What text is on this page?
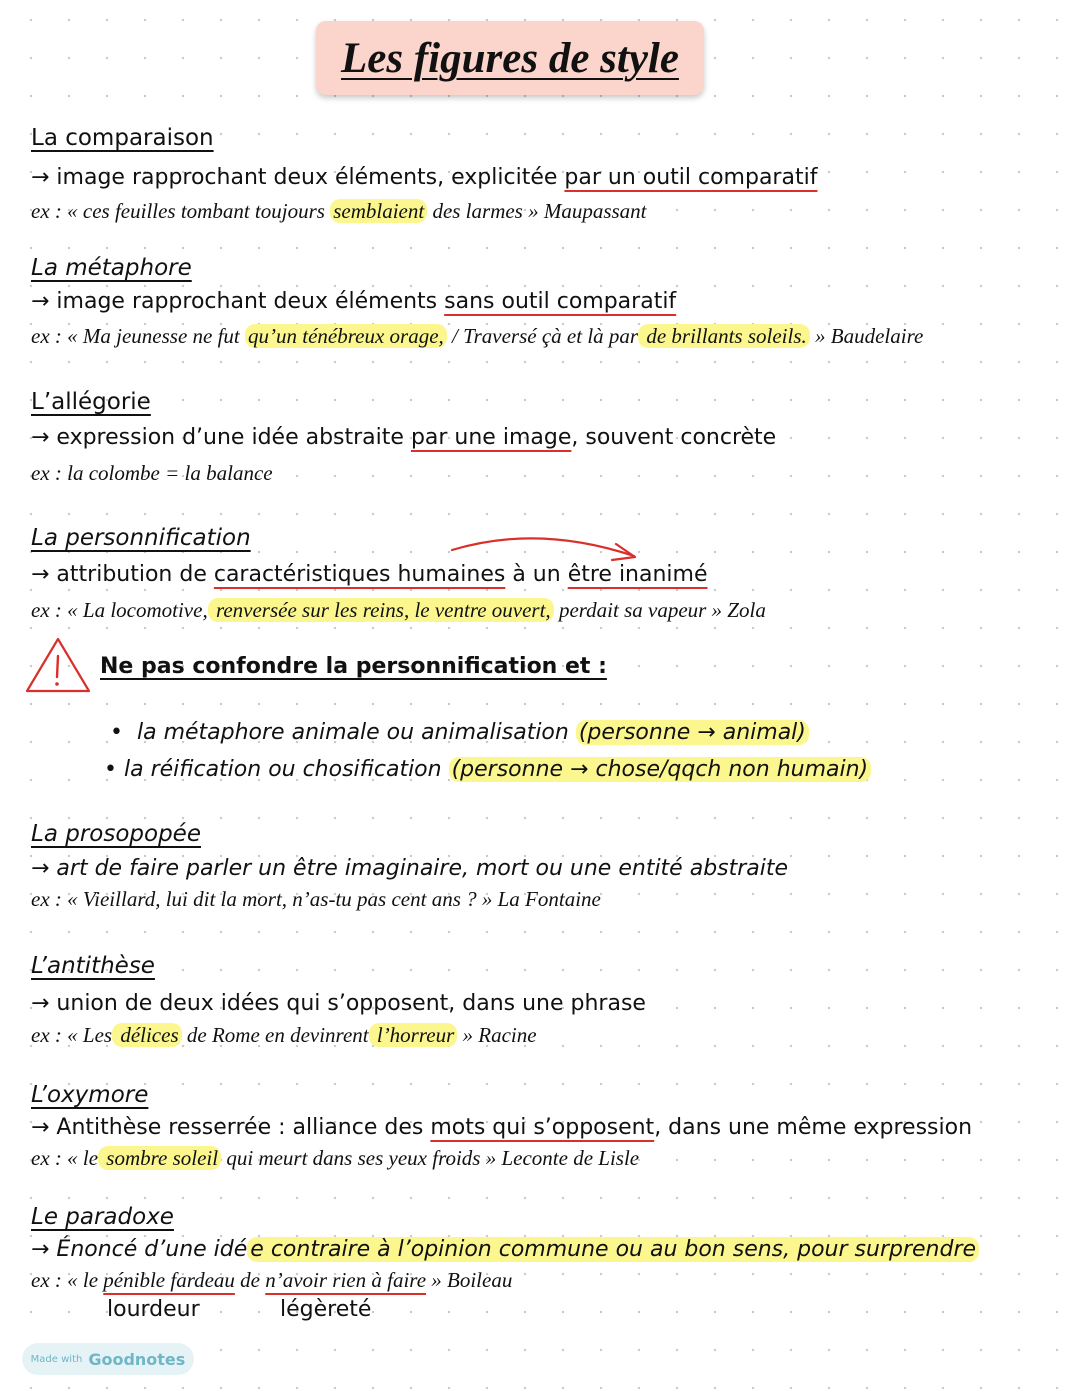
Les figures de style
La comparaison
→ image rapprochant deux éléments, explicitée par un outil comparatif
ex : « ces feuilles tombant toujours semblaient des larmes » Maupassant
La métaphore
→ image rapprochant deux éléments sans outil comparatif
ex : « Ma jeunesse ne fut qu’un ténébreux orage, / Traversé çà et là par de brillants soleils. » Baudelaire
L’allégorie
→ expression d’une idée abstraite par une image, souvent concrète
ex : la colombe = la balance
La personnification
→ attribution de caractéristiques humaines à un être inanimé
ex : « La locomotive, renversée sur les reins, le ventre ouvert, perdait sa vapeur » Zola
Ne pas confondre la personnification et :
• la métaphore animale ou animalisation (personne → animal)
• la réification ou chosification (personne → chose/qqch non humain)
La prosopopée
→ art de faire parler un être imaginaire, mort ou une entité abstraite
ex : « Vieillard, lui dit la mort, n’as-tu pas cent ans ? » La Fontaine
L’antithèse
→ union de deux idées qui s’opposent, dans une phrase
ex : « Les délices de Rome en devinrent l’horreur » Racine
L’oxymore
→ Antithèse resserrée : alliance des mots qui s’opposent, dans une même expression
ex : « le sombre soleil qui meurt dans ses yeux froids » Leconte de Lisle
Le paradoxe
→ Énoncé d’une idé e contraire à l’opinion commune ou au bon sens, pour surprendre
ex : « le pénible fardeau de n’avoir rien à faire » Boileau
lourdeur	légèreté
Made with Goodnotes
